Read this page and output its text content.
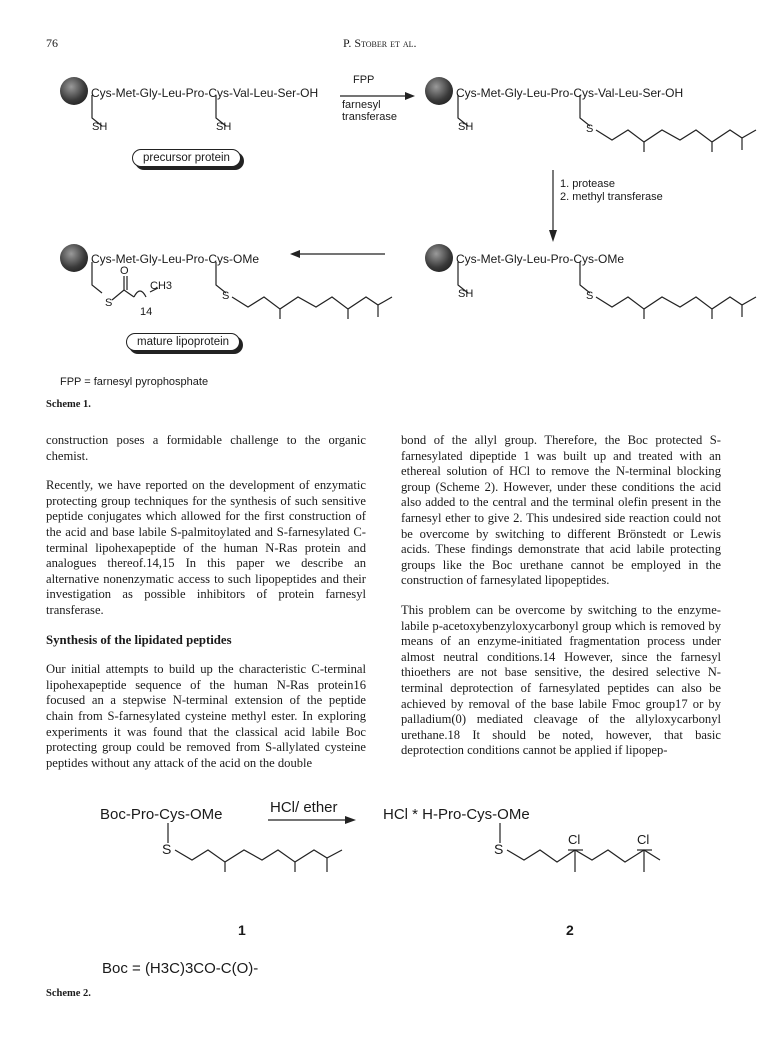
76	P. Stober et al.
Cys-Met-Gly-Leu-Pro-Cys-Val-Leu-Ser-OH	Cys-Met-Gly-Leu-Pro-Cys-Val-Leu-Ser-OH
SH	SH	SH	S
FPP
farnesyl
transferase
precursor protein
1. protease
2. methyl transferase
Cys-Met-Gly-Leu-Pro-Cys-OMe	Cys-Met-Gly-Leu-Pro-Cys-OMe
SH	S
S
S
O
CH3
14
mature lipoprotein
FPP = farnesyl pyrophosphate
Scheme 1.

construction poses a formidable challenge to the organic chemist.

Recently, we have reported on the development of enzymatic protecting group techniques for the synthesis of such sensitive peptide conjugates which allowed for the first construction of the acid and base labile S-palmitoylated and S-farnesylated C-terminal lipohexapeptide of the human N-Ras protein and analogues thereof.14,15 In this paper we describe an alternative nonenzymatic access to such lipopeptides and their investigation as possible inhibitors of protein farnesyl transferase.

Synthesis of the lipidated peptides

Our initial attempts to build up the characteristic C-terminal lipohexapeptide sequence of the human N-Ras protein16 focused an a stepwise N-terminal extension of the peptide chain from S-farnesylated cysteine methyl ester. In exploring experiments it was found that the classical acid labile Boc protecting group could be removed from S-allylated cysteine peptides without any attack of the acid on the double

bond of the allyl group. Therefore, the Boc protected S-farnesylated dipeptide 1 was built up and treated with an ethereal solution of HCl to remove the N-terminal blocking group (Scheme 2). However, under these conditions the acid also added to the central and the terminal olefin present in the farnesyl ether to give 2. This undesired side reaction could not be overcome by switching to different Brönstedt or Lewis acids. These findings demonstrate that acid labile protecting groups like the Boc urethane cannot be employed in the construction of farnesylated lipopeptides.

This problem can be overcome by switching to the enzyme-labile p-acetoxybenzyloxycarbonyl group which is removed by means of an enzyme-initiated fragmentation process under almost neutral conditions.14 However, since the farnesyl thioethers are not base sensitive, the desired selective N-terminal deprotection of farnesylated peptides can also be achieved by removal of the base labile Fmoc group17 or by palladium(0) mediated cleavage of the allyloxycarbonyl urethane.18 It should be noted, however, that basic deprotection conditions cannot be applied if lipopep-

Boc-Pro-Cys-OMe	HCl/ ether	HCl * H-Pro-Cys-OMe
S	S
Cl	Cl
1	2
Boc = (H3C)3CO-C(O)-
Scheme 2.
